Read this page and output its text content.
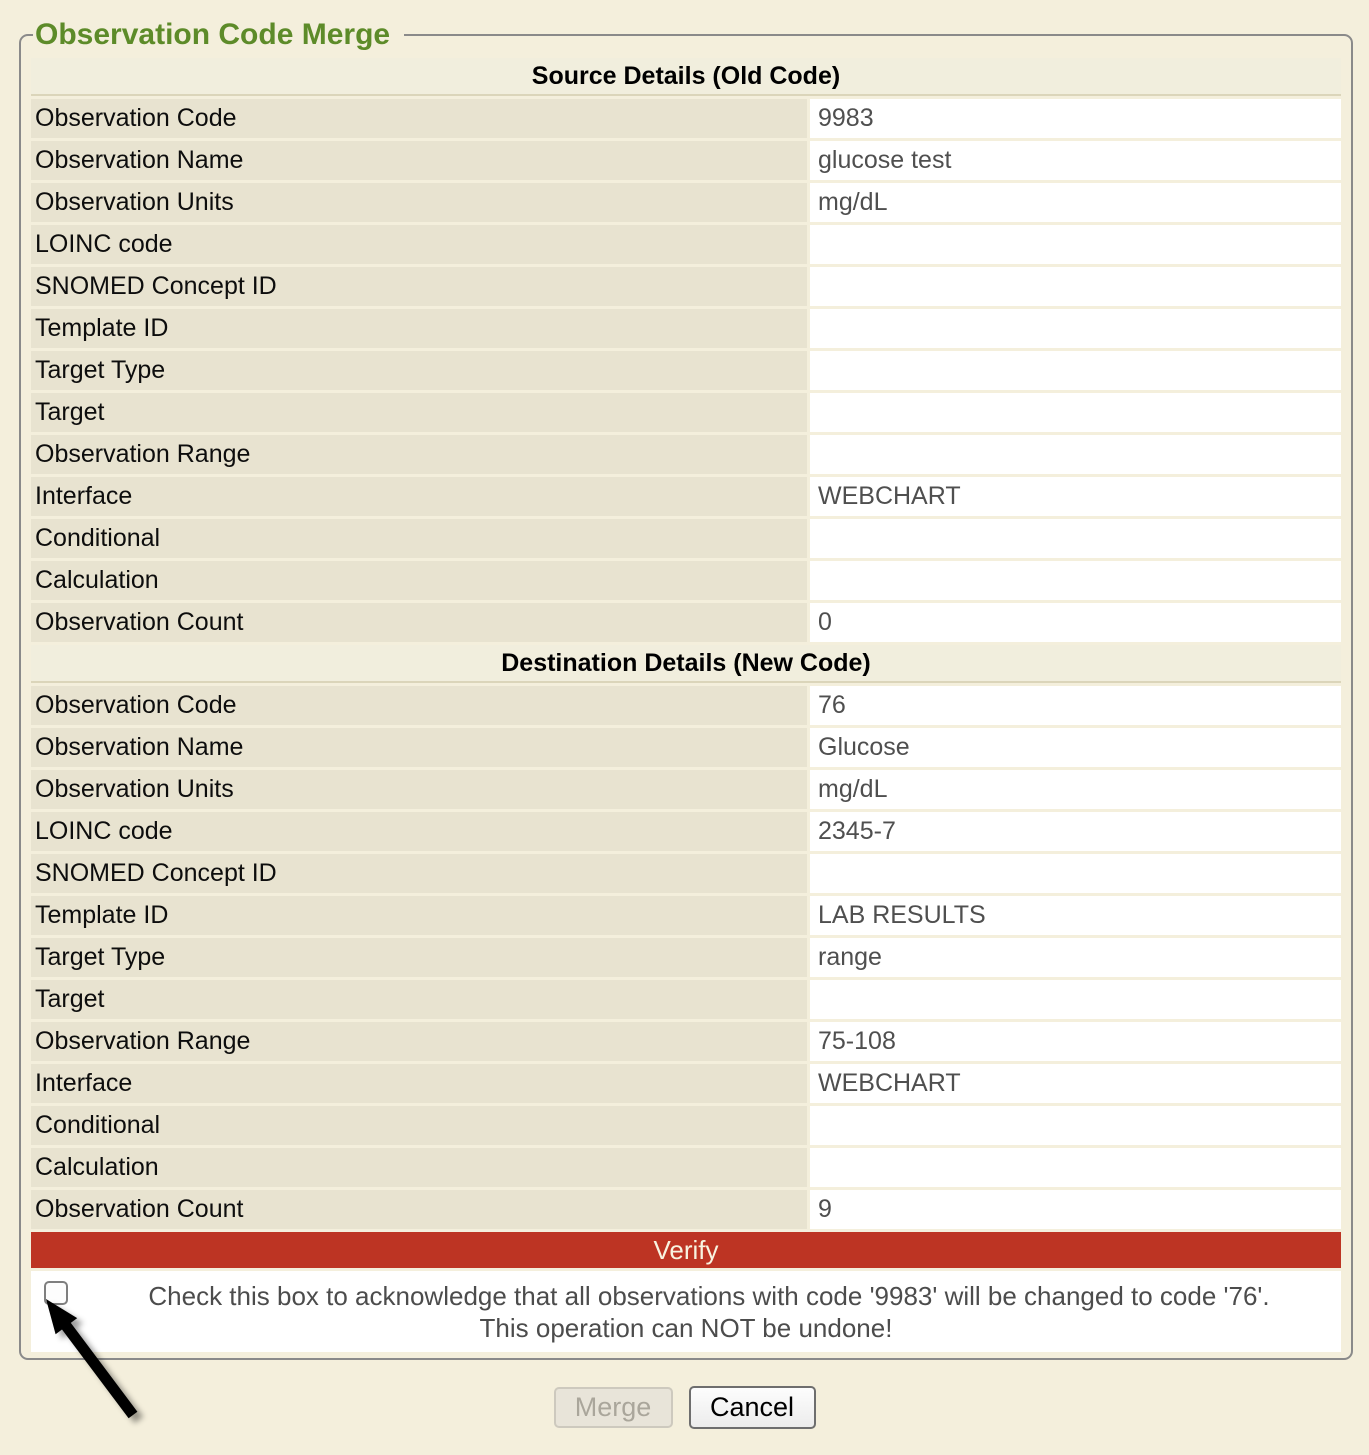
Observation Code Merge
Source Details (Old Code)
Observation Code	9983
Observation Name	glucose test
Observation Units	mg/dL
LOINC code
SNOMED Concept ID
Template ID
Target Type
Target
Observation Range
Interface	WEBCHART
Conditional
Calculation
Observation Count	0
Destination Details (New Code)
Observation Code	76
Observation Name	Glucose
Observation Units	mg/dL
LOINC code	2345-7
SNOMED Concept ID
Template ID	LAB RESULTS
Target Type	range
Target
Observation Range	75-108
Interface	WEBCHART
Conditional
Calculation
Observation Count	9
Verify
Check this box to acknowledge that all observations with code '9983' will be changed to code '76'.
This operation can NOT be undone!
Merge	Cancel
